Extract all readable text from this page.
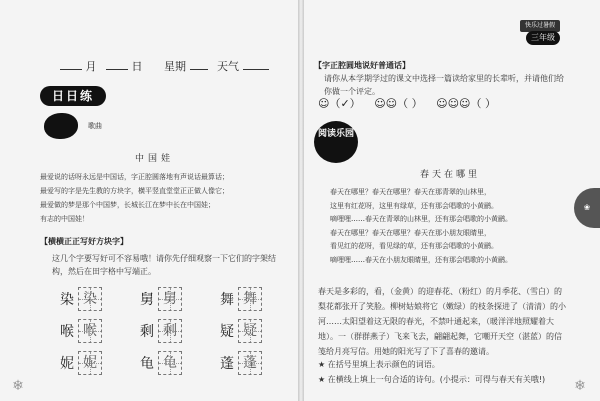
月	日 星期	天气
快乐过暑假
三年级
日日练
歌曲
中国娃
最爱说的话呀永远是中国话，字正腔圆落地有声说话最算话；
最爱写的字是先生教的方块字，横平竖直堂堂正正做人像它；
最爱做的梦是那个中国梦，长城长江在梦中长在中国娃；
有志的中国娃！
【 横横正正写好方块字 】
这几个字要写好可不容易哦！请你先仔细观察一下它们的字架结构，然后在田字格中写端正。
染 染	舅 舅	舞 舞
喉 喉	剩 剩	疑 疑
妮 妮	龟 龟	蓬 蓬
❄
【 字正腔圆地说好普通话 】
请你从本学期学过的课文中选择一篇读给家里的长辈听，并请他们给你做一个评定。
☺（✓） ☺☺（ ） ☺☺☺（ ）
阅读乐园
春天在哪里
春天在哪里？春天在哪里？春天在那青翠的山林里，
这里有红花呀，这里有绿草，还有那会唱歌的小黄鹂。
嘀哩哩……春天在青翠的山林里，还有那会唱歌的小黄鹂。
春天在哪里？春天在哪里？春天在那小朋友眼睛里，
看见红的花呀，看见绿的草，还有那会唱歌的小黄鹂。
嘀哩哩……春天在小朋友眼睛里，还有那会唱歌的小黄鹂。
春天是多彩的，看，（金黄）的迎春花、（粉红）的月季花、（雪白）的梨花都张开了笑脸。柳树姑娘将它（嫩绿）的枝条探进了（清清）的小河……太阳望着这无限的春光，不禁叶通起来，（暖洋洋地照耀着大地）。一（群群燕子）飞来飞去，翩翩起舞，它嘲开天空（湛蓝）的信笺给月亮写信。用她的阳光写了下了喜春的邀请。
★ 在括号里填上表示颜色的词语。
★ 在横线上填上一句合适的诗句。(小提示：可得与春天有关哦!)
❀
❄
